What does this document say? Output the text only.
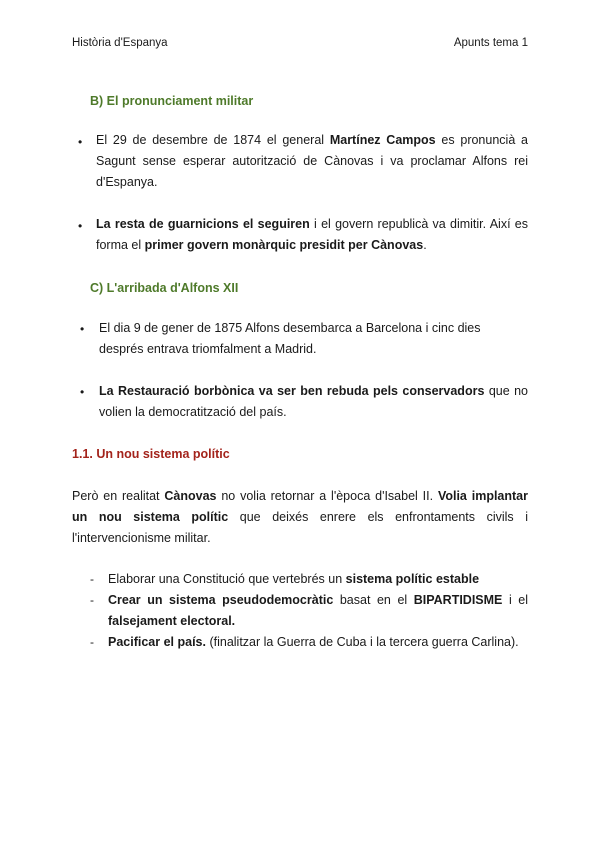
Història d'Espanya	Apunts tema 1
B) El pronunciament militar
• El 29 de desembre de 1874 el general Martínez Campos es pronuncià a Sagunt sense esperar autorització de Cànovas i va proclamar Alfons rei d'Espanya.
• La resta de guarnicions el seguiren i el govern republicà va dimitir. Així es forma el primer govern monàrquic presidit per Cànovas.
C) L'arribada d'Alfons XII
• El dia 9 de gener de 1875 Alfons desembarca a Barcelona i cinc dies després entrava triomfalment a Madrid.
• La Restauració borbònica va ser ben rebuda pels conservadors que no volien la democratització del país.
1.1. Un nou sistema polític
Però en realitat Cànovas no volia retornar a l'època d'Isabel II. Volia implantar un nou sistema polític que deixés enrere els enfrontaments civils i l'intervencionisme militar.
- Elaborar una Constitució que vertebrés un sistema polític estable
- Crear un sistema pseudodemocràtic basat en el BIPARTIDISME i el falsejament electoral.
- Pacificar el país. (finalitzar la Guerra de Cuba i la tercera guerra Carlina).
